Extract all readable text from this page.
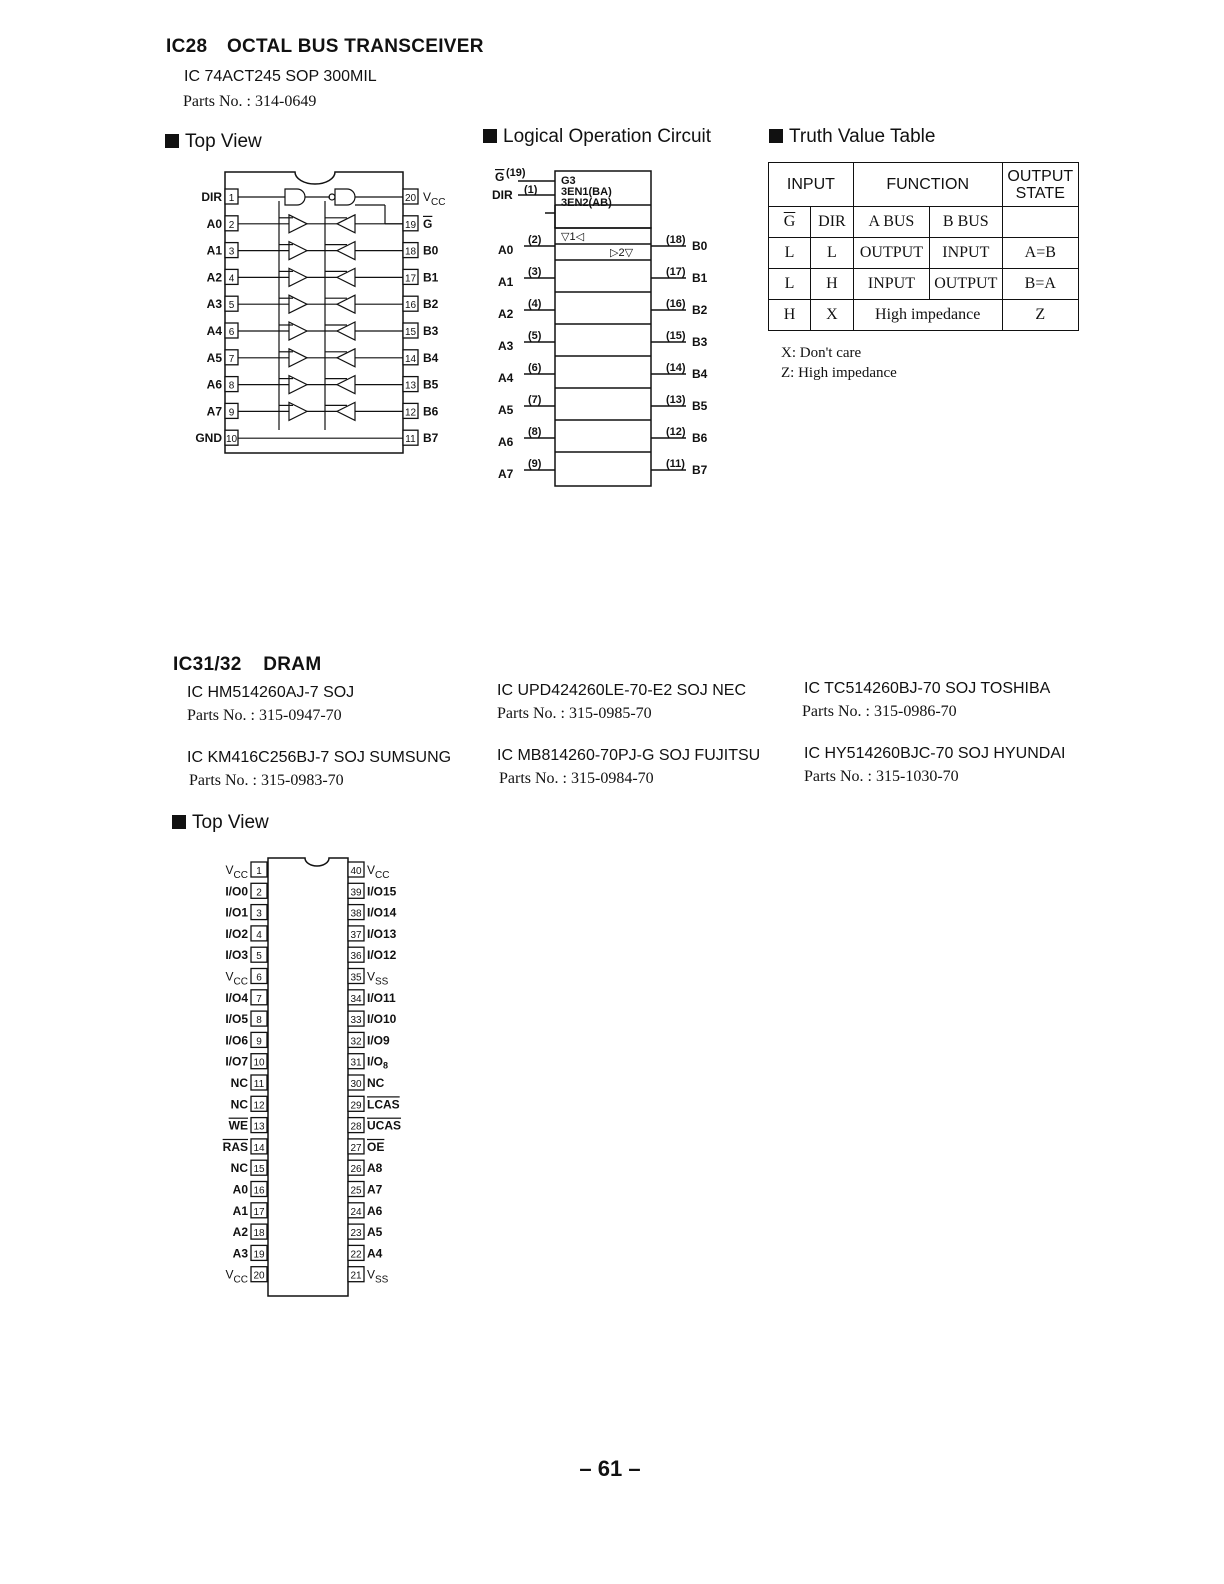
IC28 OCTAL BUS TRANSCEIVER
IC 74ACT245 SOP 300MIL
Parts No. : 314-0649
Top View	Logical Operation Circuit	Truth Value Table
1
DIR
2
A0
3
A1
4
A2
5
A3
6
A4
7
A5
8
A6
9
A7
10
GND
20 $V_{CC}$
19 G
18 B0
17 B1
16 B2
15 B3
14 B4
13 B5
12 B6
11 B7
G (19)
DIR (1)
G3
3EN1(BA)
3EN2(AB)
▽1◁
▷2▽
A0
(2)	(18) B0
A1
(3)	(17) B1
A2
(4)	(16) B2
A3
(5)	(15) B3
A4
(6)	(14) B4
A5
(7)	(13) B5
A6
(8)	(12) B6
A7
(9)	(11) B7
INPUT		FUNCTION		OUTPUT
STATE
$\overline{G}$	DIR	A BUS	B BUS	
L	L	OUTPUT	INPUT	A=B
L	H	INPUT	OUTPUT	B=A
H	X	High impedance		Z
X: Don't care
Z: High impedance
IC31/32 DRAM
IC HM514260AJ-7 SOJ
Parts No. : 315-0947-70
IC UPD424260LE-70-E2 SOJ NEC
Parts No. : 315-0985-70
IC TC514260BJ-70 SOJ TOSHIBA
Parts No. : 315-0986-70
IC KM416C256BJ-7 SOJ SUMSUNG
Parts No. : 315-0983-70
IC MB814260-70PJ-G SOJ FUJITSU
Parts No. : 315-0984-70
IC HY514260BJC-70 SOJ HYUNDAI
Parts No. : 315-1030-70
Top View
1
$V_{CC}$
2
I/O0
3
I/O1
4
I/O2
5
I/O3
6
$V_{CC}$
7
I/O4
8
I/O5
9
I/O6
10
I/O7
11
NC
12
NC
13
WE
14
RAS
15
NC
16
A0
17
A1
18
A2
19
A3
20
$V_{CC}$
40 $V_{CC}$
39 I/O15
38 I/O14
37 I/O13
36 I/O12
35 $V_{SS}$
34 I/O11
33 I/O10
32 I/O9
31 $I/O_8$
30 NC
29 LCAS
28 UCAS
27 OE
26 A8
25 A7
24 A6
23 A5
22 A4
21 $V_{SS}$
– 61 –
